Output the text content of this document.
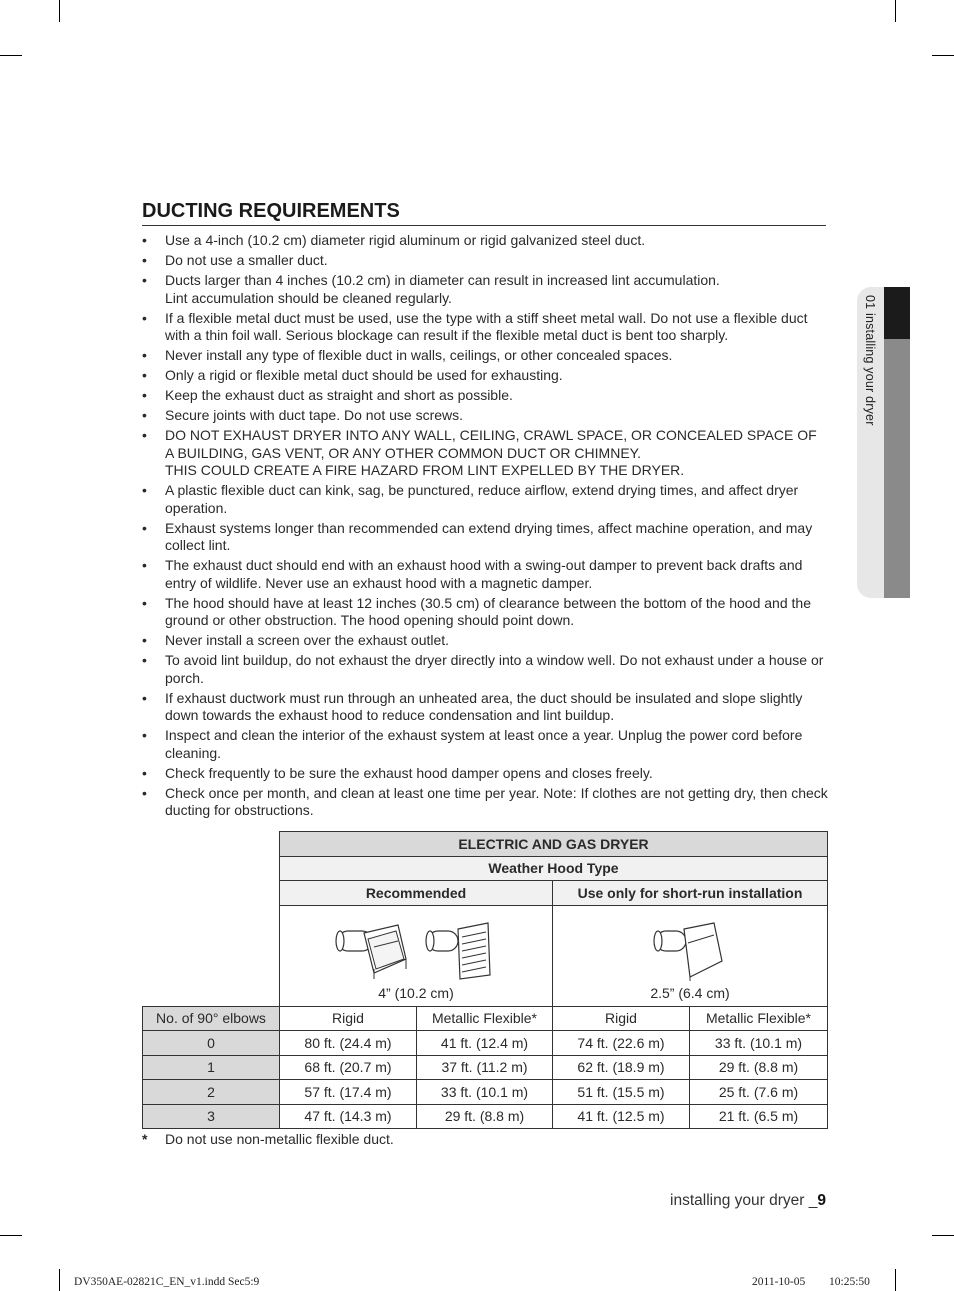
01 installing your dryer
DUCTING REQUIREMENTS
• Use a 4-inch (10.2 cm) diameter rigid aluminum or rigid galvanized steel duct.
• Do not use a smaller duct.
• Ducts larger than 4 inches (10.2 cm) in diameter can result in increased lint accumulation.
Lint accumulation should be cleaned regularly.
• If a flexible metal duct must be used, use the type with a stiff sheet metal wall. Do not use a flexible duct with a thin foil wall. Serious blockage can result if the flexible metal duct is bent too sharply.
• Never install any type of flexible duct in walls, ceilings, or other concealed spaces.
• Only a rigid or flexible metal duct should be used for exhausting.
• Keep the exhaust duct as straight and short as possible.
• Secure joints with duct tape. Do not use screws.
• DO NOT EXHAUST DRYER INTO ANY WALL, CEILING, CRAWL SPACE, OR CONCEALED SPACE OF A BUILDING, GAS VENT, OR ANY OTHER COMMON DUCT OR CHIMNEY.
THIS COULD CREATE A FIRE HAZARD FROM LINT EXPELLED BY THE DRYER.
• A plastic flexible duct can kink, sag, be punctured, reduce airflow, extend drying times, and affect dryer operation.
• Exhaust systems longer than recommended can extend drying times, affect machine operation, and may collect lint.
• The exhaust duct should end with an exhaust hood with a swing-out damper to prevent back drafts and entry of wildlife. Never use an exhaust hood with a magnetic damper.
• The hood should have at least 12 inches (30.5 cm) of clearance between the bottom of the hood and the ground or other obstruction. The hood opening should point down.
• Never install a screen over the exhaust outlet.
• To avoid lint buildup, do not exhaust the dryer directly into a window well. Do not exhaust under a house or porch.
• If exhaust ductwork must run through an unheated area, the duct should be insulated and slope slightly down towards the exhaust hood to reduce condensation and lint buildup.
• Inspect and clean the interior of the exhaust system at least once a year. Unplug the power cord before cleaning.
• Check frequently to be sure the exhaust hood damper opens and closes freely.
• Check once per month, and clean at least one time per year. Note: If clothes are not getting dry, then check ducting for obstructions.
	ELECTRIC AND GAS DRYER			
	Weather Hood Type			
	Recommended		Use only for short-run installation	

	4” (10.2 cm)		2.5” (6.4 cm)	

No. of 90° elbows	Rigid	Metallic Flexible*	Rigid	Metallic Flexible*
0	80 ft. (24.4 m)	41 ft. (12.4 m)	74 ft. (22.6 m)	33 ft. (10.1 m)
1	68 ft. (20.7 m)	37 ft. (11.2 m)	62 ft. (18.9 m)	29 ft. (8.8 m)
2	57 ft. (17.4 m)	33 ft. (10.1 m)	51 ft. (15.5 m)	25 ft. (7.6 m)
3	47 ft. (14.3 m)	29 ft. (8.8 m)	41 ft. (12.5 m)	21 ft. (6.5 m)
* Do not use non-metallic flexible duct.
installing your dryer _9
DV350AE-02821C_EN_v1.indd Sec5:9	2011-10-05 10:25:50
